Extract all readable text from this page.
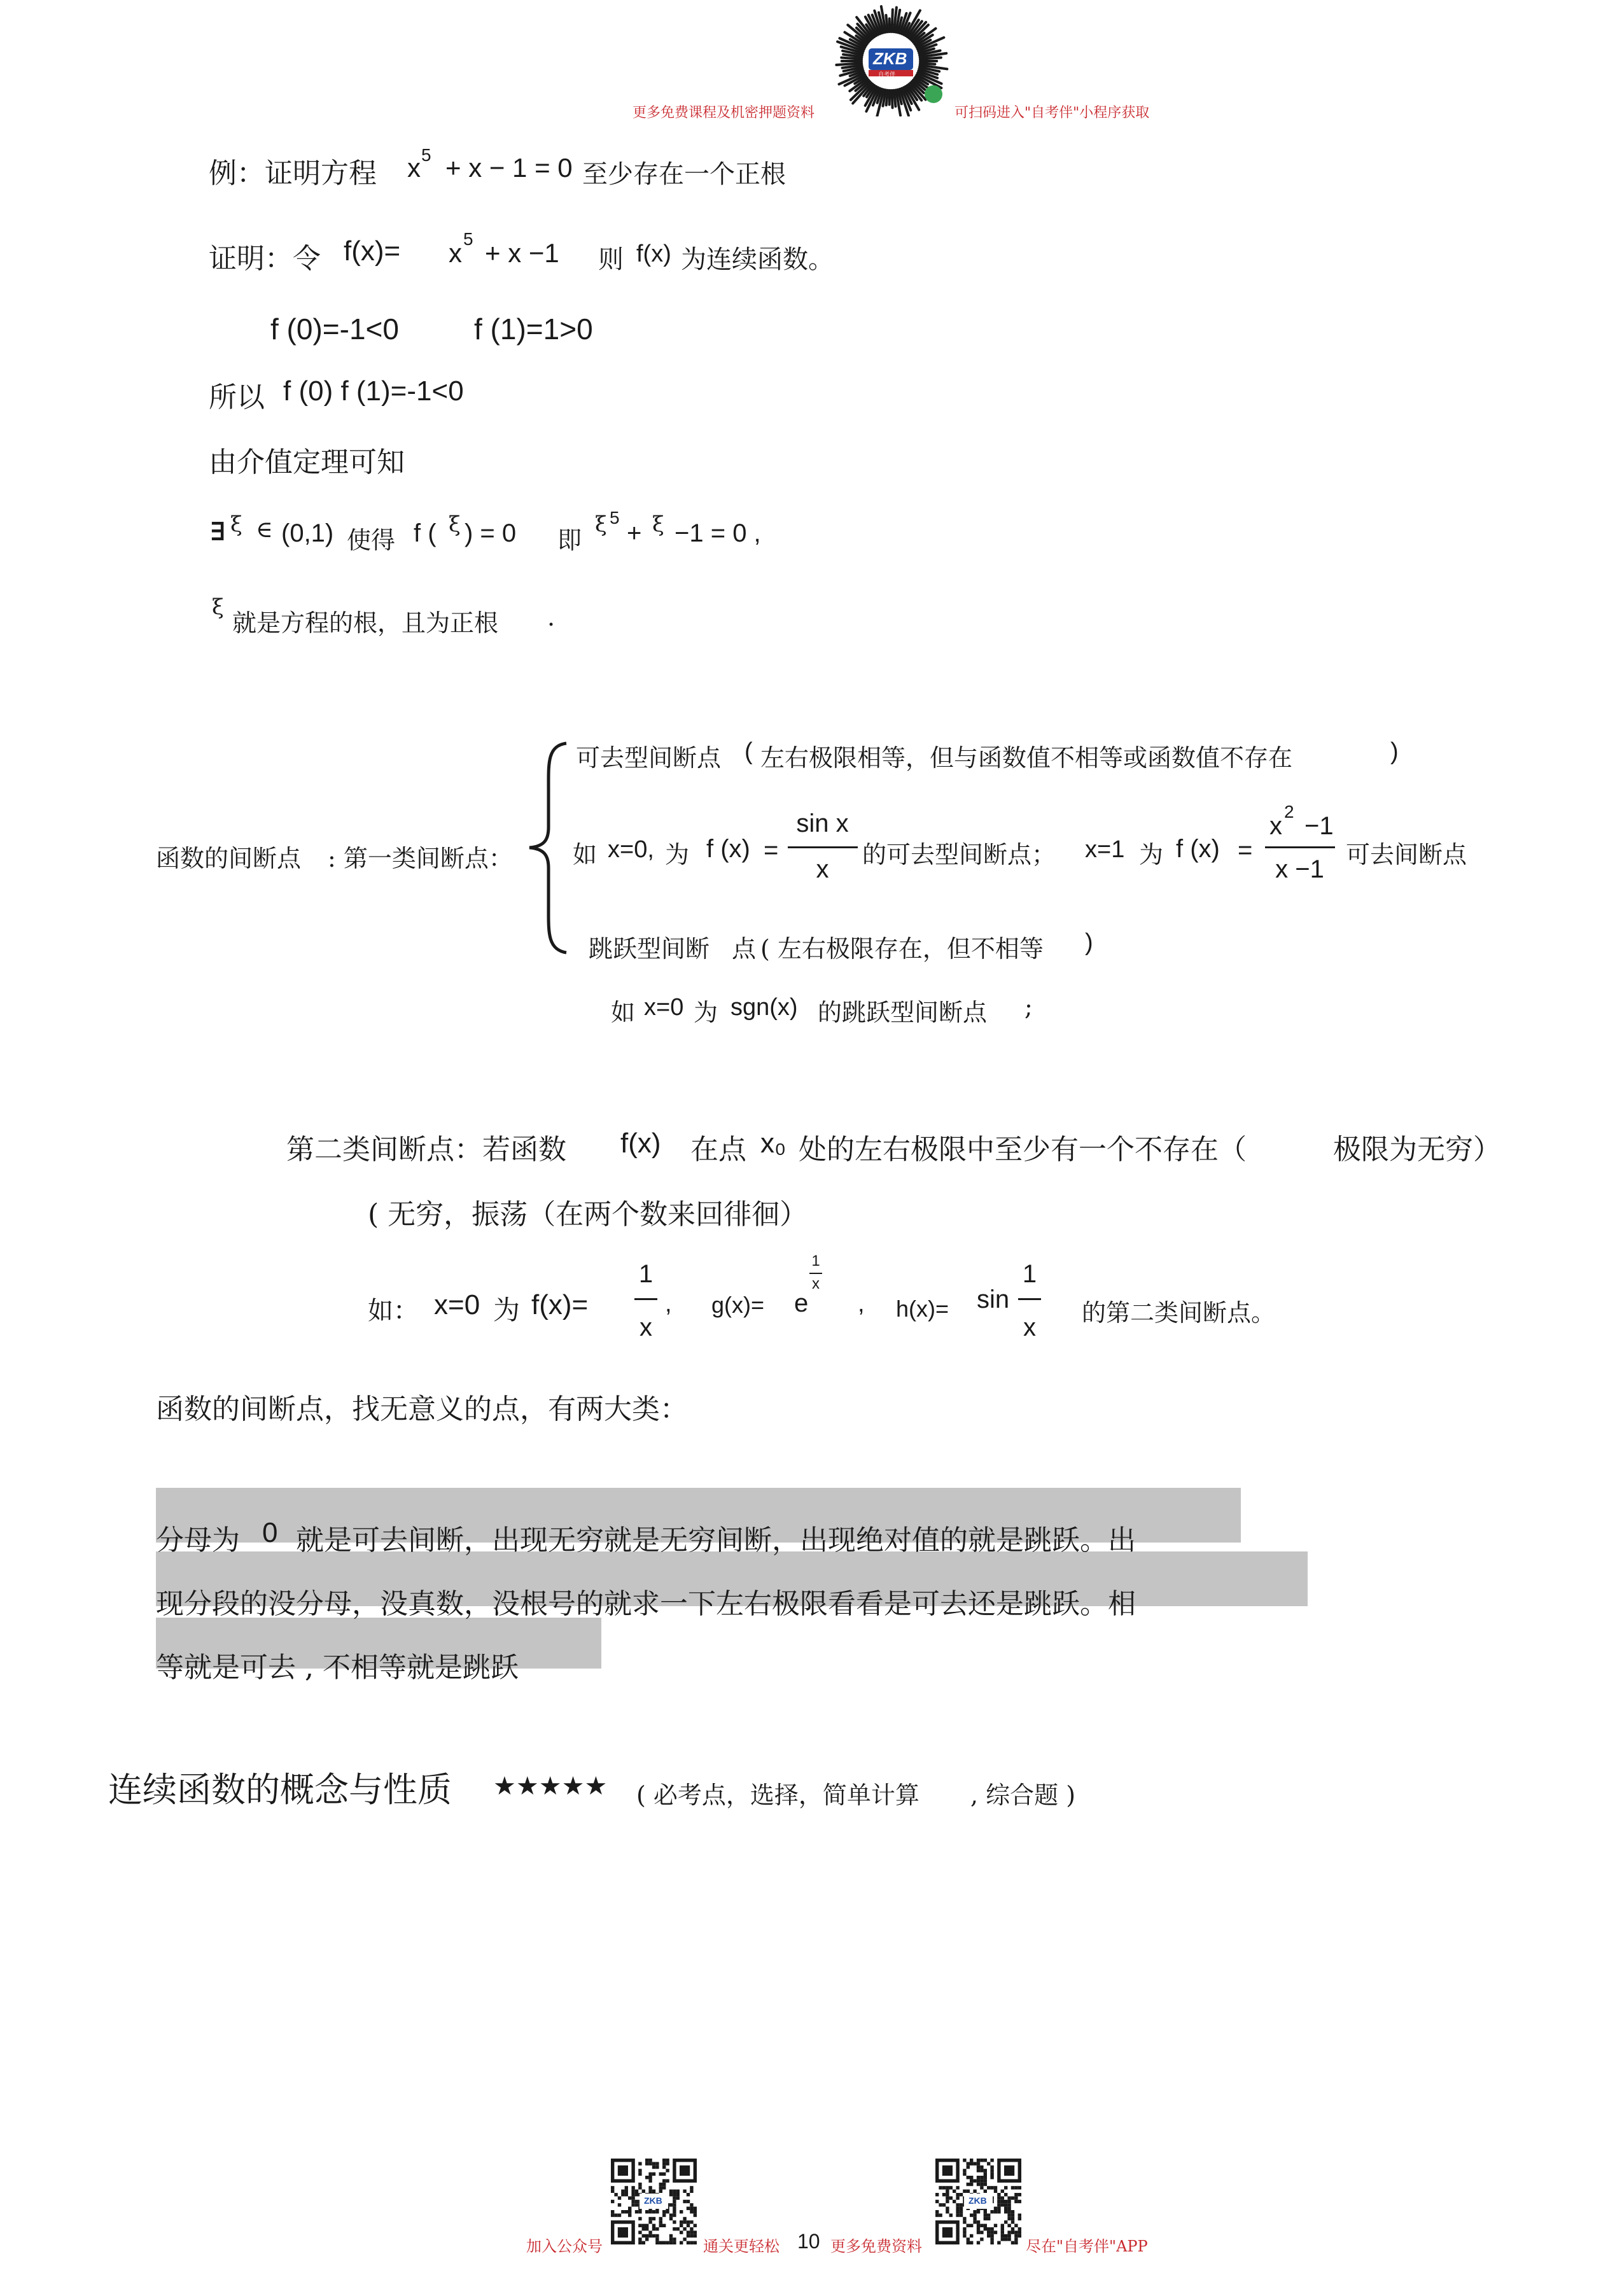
ZKB
自考伴
更多免费课程及机密押题资料	可扫码进入"自考伴"小程序获取
例：证明方程 x 5 + x − 1 = 0 至少存在一个正根
证明：令 f(x)= x 5 + x −1 则 f(x) 为连续函数。
f (0)=-1<0	f (1)=1>0
所以 f (0) f (1)=-1<0
由介值定理可知
∃ ξ ∈ (0,1) 使得 f ( ξ ) = 0 即
ξ 5
+ ξ −1 = 0 ,
ξ
就是方程的根，且为正根 .
函数的间断点 : 第一类间断点：
可去型间断点 ( 左右极限相等，但与函数值不相等或函数值不存在	)
如 x=0, 为 f (x) =
sin x
x
的可去型间断点； x=1 为 f (x) =
x
2
−1
x −1
可去间断点
跳跃型间断 点 ( 左右极限存在，但不相等 )
如 x=0 为 sgn(x) 的跳跃型间断点 ;
第二类间断点：若函数 f(x) 在点 x₀ 处的左右极限中至少有一个不存在（	极限为无穷）
( 无穷，振荡（在两个数来回徘徊）
如： x=0 为 f(x)=
1
x
, g(x)= e
1
x
, h(x)= sin
1
x
的第二类间断点。
函数的间断点，找无意义的点，有两大类：
分母为 0 就是可去间断，出现无穷就是无穷间断，出现绝对值的就是跳跃。出
现分段的没分母，没真数，没根号的就求一下左右极限看看是可去还是跳跃。相
等就是可去 , 不相等就是跳跃
连续函数的概念与性质 ★★★★★ ( 必考点，选择，简单计算 , 综合题 )
加入公众号	通关更轻松 10 更多免费资料	尽在"自考伴"APP
ZKB	ZKB
